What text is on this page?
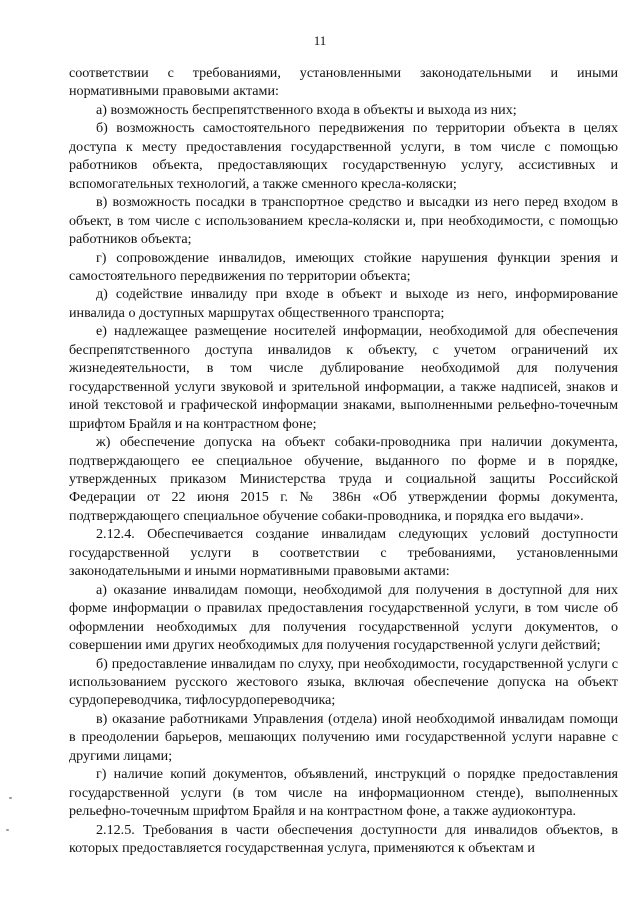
11

соответствии с требованиями, установленными законодательными и иными нормативными правовыми актами:

а) возможность беспрепятственного входа в объекты и выхода из них;

б) возможность самостоятельного передвижения по территории объекта в целях доступа к месту предоставления государственной услуги, в том числе с помощью работников объекта, предоставляющих государственную услугу, ассистивных и вспомогательных технологий, а также сменного кресла-коляски;

в) возможность посадки в транспортное средство и высадки из него перед входом в объект, в том числе с использованием кресла-коляски и, при необходимости, с помощью работников объекта;

г) сопровождение инвалидов, имеющих стойкие нарушения функции зрения и самостоятельного передвижения по территории объекта;

д) содействие инвалиду при входе в объект и выходе из него, информирование инвалида о доступных маршрутах общественного транспорта;

е) надлежащее размещение носителей информации, необходимой для обеспечения беспрепятственного доступа инвалидов к объекту, с учетом ограничений их жизнедеятельности, в том числе дублирование необходимой для получения государственной услуги звуковой и зрительной информации, а также надписей, знаков и иной текстовой и графической информации знаками, выполненными рельефно-точечным шрифтом Брайля и на контрастном фоне;

ж) обеспечение допуска на объект собаки-проводника при наличии документа, подтверждающего ее специальное обучение, выданного по форме и в порядке, утвержденных приказом Министерства труда и социальной защиты Российской Федерации от 22 июня 2015 г. № 386н «Об утверждении формы документа, подтверждающего специальное обучение собаки-проводника, и порядка его выдачи».

2.12.4. Обеспечивается создание инвалидам следующих условий доступности государственной услуги в соответствии с требованиями, установленными законодательными и иными нормативными правовыми актами:

а) оказание инвалидам помощи, необходимой для получения в доступной для них форме информации о правилах предоставления государственной услуги, в том числе об оформлении необходимых для получения государственной услуги документов, о совершении ими других необходимых для получения государственной услуги действий;

б) предоставление инвалидам по слуху, при необходимости, государственной услуги с использованием русского жестового языка, включая обеспечение допуска на объект сурдопереводчика, тифлосурдопереводчика;

в) оказание работниками Управления (отдела) иной необходимой инвалидам помощи в преодолении барьеров, мешающих получению ими государственной услуги наравне с другими лицами;

г) наличие копий документов, объявлений, инструкций о порядке предоставления государственной услуги (в том числе на информационном стенде), выполненных рельефно-точечным шрифтом Брайля и на контрастном фоне, а также аудиоконтура.

2.12.5. Требования в части обеспечения доступности для инвалидов объектов, в которых предоставляется государственная услуга, применяются к объектам и
